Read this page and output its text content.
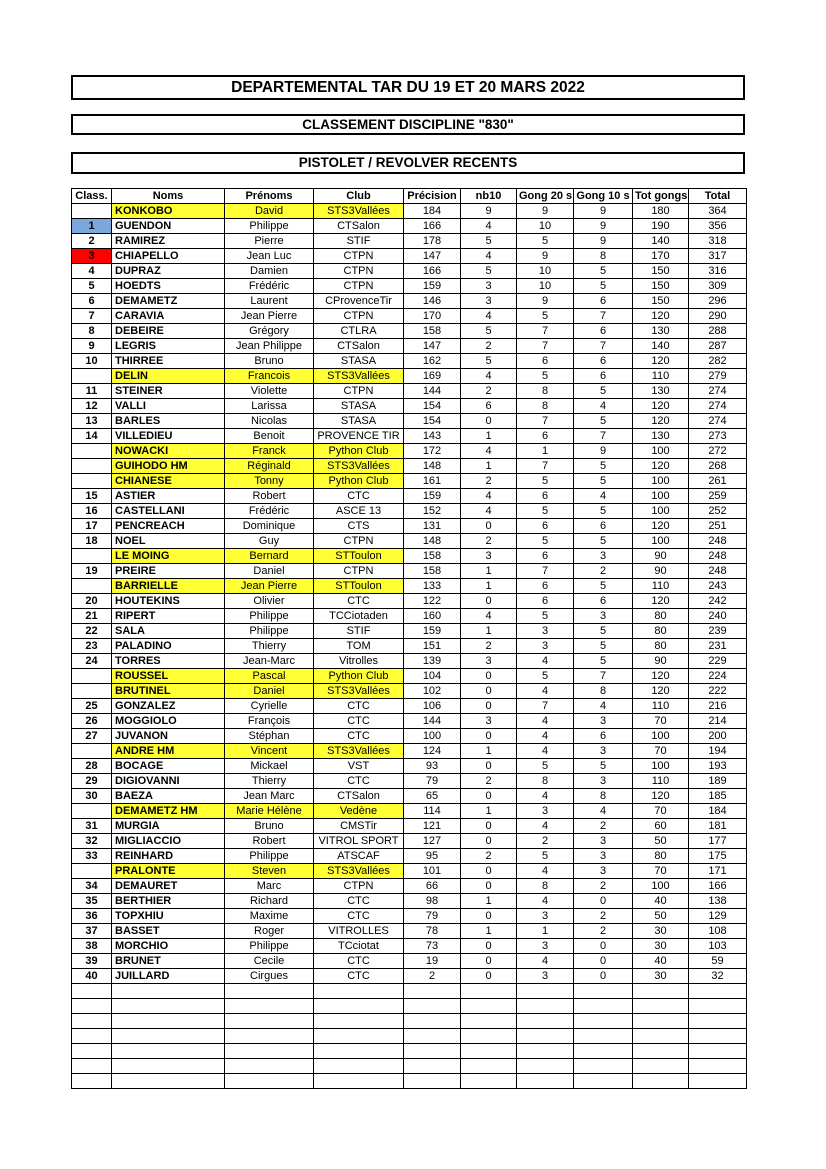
DEPARTEMENTAL TAR DU 19 ET 20 MARS 2022
CLASSEMENT DISCIPLINE "830"
PISTOLET / REVOLVER RECENTS
Class.	Noms	Prénoms	Club	Précision	nb10	Gong 20 s	Gong 10 s	Tot gongs	Total
	KONKOBO	David	STS3Vallées	184	9	9	9	180	364
1	GUENDON	Philippe	CTSalon	166	4	10	9	190	356
2	RAMIREZ	Pierre	STIF	178	5	5	9	140	318
3	CHIAPELLO	Jean Luc	CTPN	147	4	9	8	170	317
4	DUPRAZ	Damien	CTPN	166	5	10	5	150	316
5	HOEDTS	Frédéric	CTPN	159	3	10	5	150	309
6	DEMAMETZ	Laurent	CProvenceTir	146	3	9	6	150	296
7	CARAVIA	Jean Pierre	CTPN	170	4	5	7	120	290
8	DEBEIRE	Grégory	CTLRA	158	5	7	6	130	288
9	LEGRIS	Jean Philippe	CTSalon	147	2	7	7	140	287
10	THIRREE	Bruno	STASA	162	5	6	6	120	282
	DELIN	Francois	STS3Vallées	169	4	5	6	110	279
11	STEINER	Violette	CTPN	144	2	8	5	130	274
12	VALLI	Larissa	STASA	154	6	8	4	120	274
13	BARLES	Nicolas	STASA	154	0	7	5	120	274
14	VILLEDIEU	Benoit	PROVENCE TIR	143	1	6	7	130	273
	NOWACKI	Franck	Python Club	172	4	1	9	100	272
	GUIHODO HM	Réginald	STS3Vallées	148	1	7	5	120	268
	CHIANESE	Tonny	Python Club	161	2	5	5	100	261
15	ASTIER	Robert	CTC	159	4	6	4	100	259
16	CASTELLANI	Frédéric	ASCE 13	152	4	5	5	100	252
17	PENCREACH	Dominique	CTS	131	0	6	6	120	251
18	NOEL	Guy	CTPN	148	2	5	5	100	248
	LE MOING	Bernard	STToulon	158	3	6	3	90	248
19	PREIRE	Daniel	CTPN	158	1	7	2	90	248
	BARRIELLE	Jean Pierre	STToulon	133	1	6	5	110	243
20	HOUTEKINS	Olivier	CTC	122	0	6	6	120	242
21	RIPERT	Philippe	TCCiotaden	160	4	5	3	80	240
22	SALA	Philippe	STIF	159	1	3	5	80	239
23	PALADINO	Thierry	TOM	151	2	3	5	80	231
24	TORRES	Jean-Marc	Vitrolles	139	3	4	5	90	229
	ROUSSEL	Pascal	Python Club	104	0	5	7	120	224
	BRUTINEL	Daniel	STS3Vallées	102	0	4	8	120	222
25	GONZALEZ	Cyrielle	CTC	106	0	7	4	110	216
26	MOGGIOLO	François	CTC	144	3	4	3	70	214
27	JUVANON	Stéphan	CTC	100	0	4	6	100	200
	ANDRE HM	Vincent	STS3Vallées	124	1	4	3	70	194
28	BOCAGE	Mickael	VST	93	0	5	5	100	193
29	DIGIOVANNI	Thierry	CTC	79	2	8	3	110	189
30	BAEZA	Jean Marc	CTSalon	65	0	4	8	120	185
	DEMAMETZ HM	Marie Hélène	Vedène	114	1	3	4	70	184
31	MURGIA	Bruno	CMSTir	121	0	4	2	60	181
32	MIGLIACCIO	Robert	VITROL SPORT	127	0	2	3	50	177
33	REINHARD	Philippe	ATSCAF	95	2	5	3	80	175
	PRALONTE	Steven	STS3Vallées	101	0	4	3	70	171
34	DEMAURET	Marc	CTPN	66	0	8	2	100	166
35	BERTHIER	Richard	CTC	98	1	4	0	40	138
36	TOPXHIU	Maxime	CTC	79	0	3	2	50	129
37	BASSET	Roger	VITROLLES	78	1	1	2	30	108
38	MORCHIO	Philippe	TCciotat	73	0	3	0	30	103
39	BRUNET	Cecile	CTC	19	0	4	0	40	59
40	JUILLARD	Cirgues	CTC	2	0	3	0	30	32
